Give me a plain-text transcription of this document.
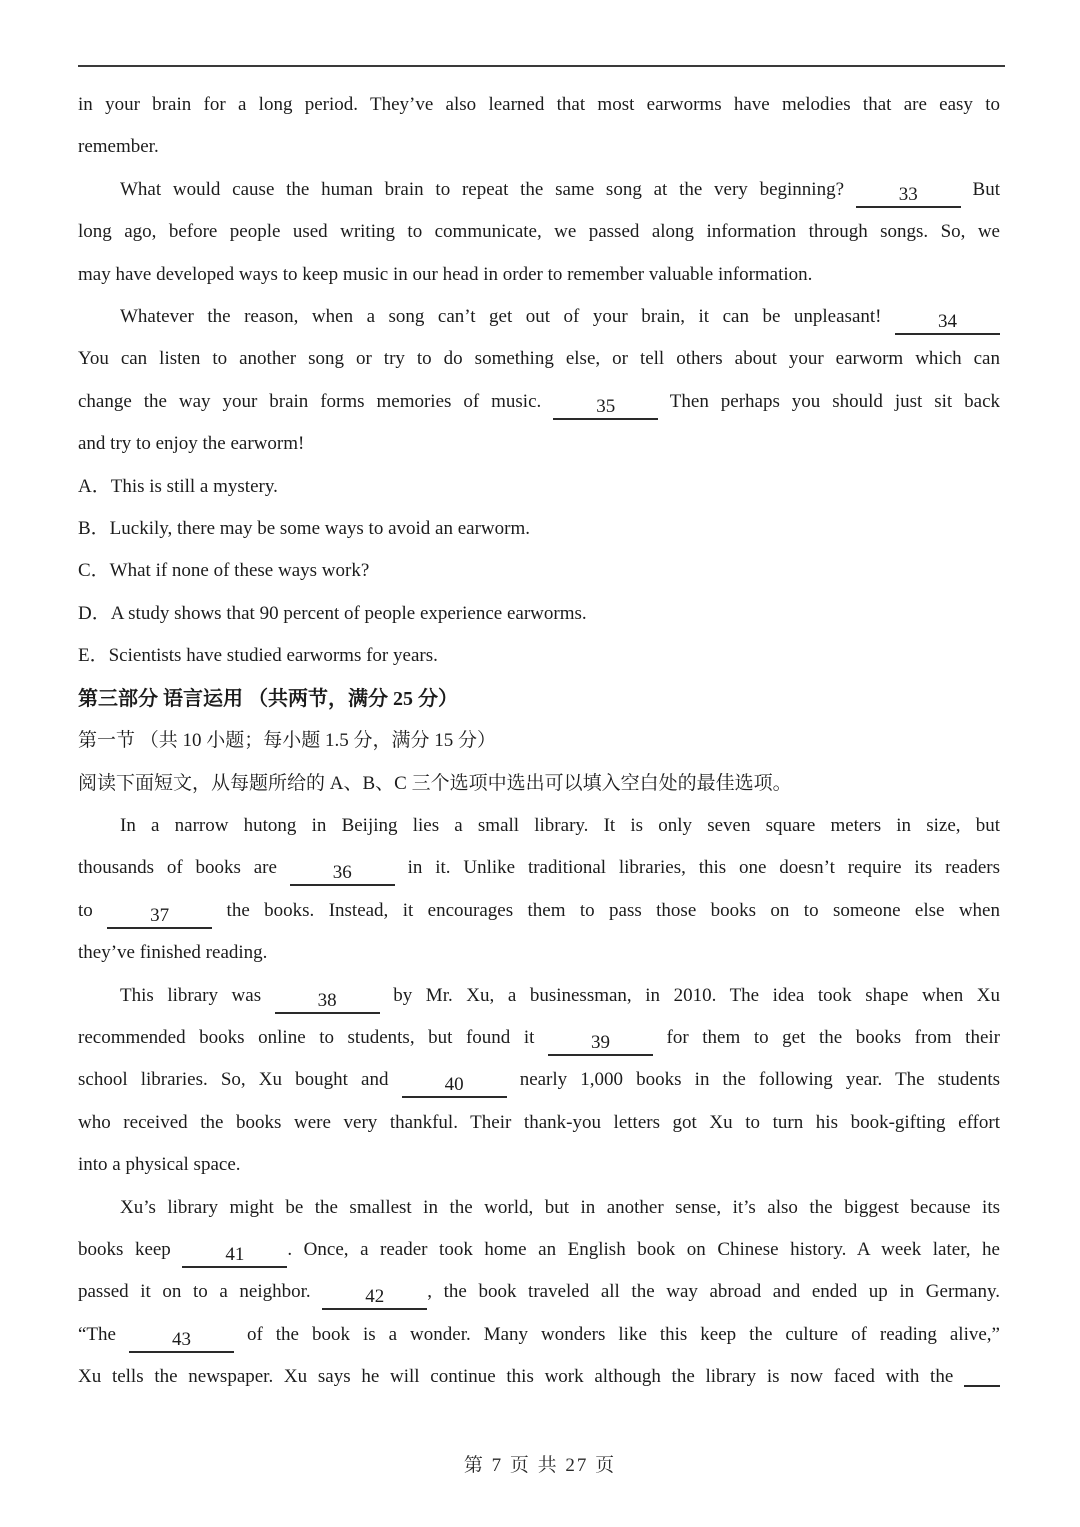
in your brain for a long period. They’ve also learned that most earworms have melodies that are easy to
remember.
What would cause the human brain to repeat the same song at the very beginning? 33 But
long ago, before people used writing to communicate, we passed along information through songs. So, we
may have developed ways to keep music in our head in order to remember valuable information.
Whatever the reason, when a song can’t get out of your brain, it can be unpleasant! 34
You can listen to another song or try to do something else, or tell others about your earworm which can
change the way your brain forms memories of music. 35 Then perhaps you should just sit back
and try to enjoy the earworm!
A．This is still a mystery.
B．Luckily, there may be some ways to avoid an earworm.
C．What if none of these ways work?
D．A study shows that 90 percent of people experience earworms.
E．Scientists have studied earworms for years.
第三部分 语言运用 （共两节，满分 25 分）
第一节 （共 10 小题；每小题 1.5 分，满分 15 分）
阅读下面短文，从每题所给的 A、B、C 三个选项中选出可以填入空白处的最佳选项。
In a narrow hutong in Beijing lies a small library. It is only seven square meters in size, but
thousands of books are 36 in it. Unlike traditional libraries, this one doesn’t require its readers
to 37 the books. Instead, it encourages them to pass those books on to someone else when
they’ve finished reading.
This library was 38 by Mr. Xu, a businessman, in 2010. The idea took shape when Xu
recommended books online to students, but found it 39 for them to get the books from their
school libraries. So, Xu bought and 40 nearly 1,000 books in the following year. The students
who received the books were very thankful. Their thank-you letters got Xu to turn his book-gifting effort
into a physical space.
Xu’s library might be the smallest in the world, but in another sense, it’s also the biggest because its
books keep 41 . Once, a reader took home an English book on Chinese history. A week later, he
passed it on to a neighbor. 42 , the book traveled all the way abroad and ended up in Germany.
“The 43 of the book is a wonder. Many wonders like this keep the culture of reading alive,”
Xu tells the newspaper. Xu says he will continue this work although the library is now faced with the
第 7 页 共 27 页
